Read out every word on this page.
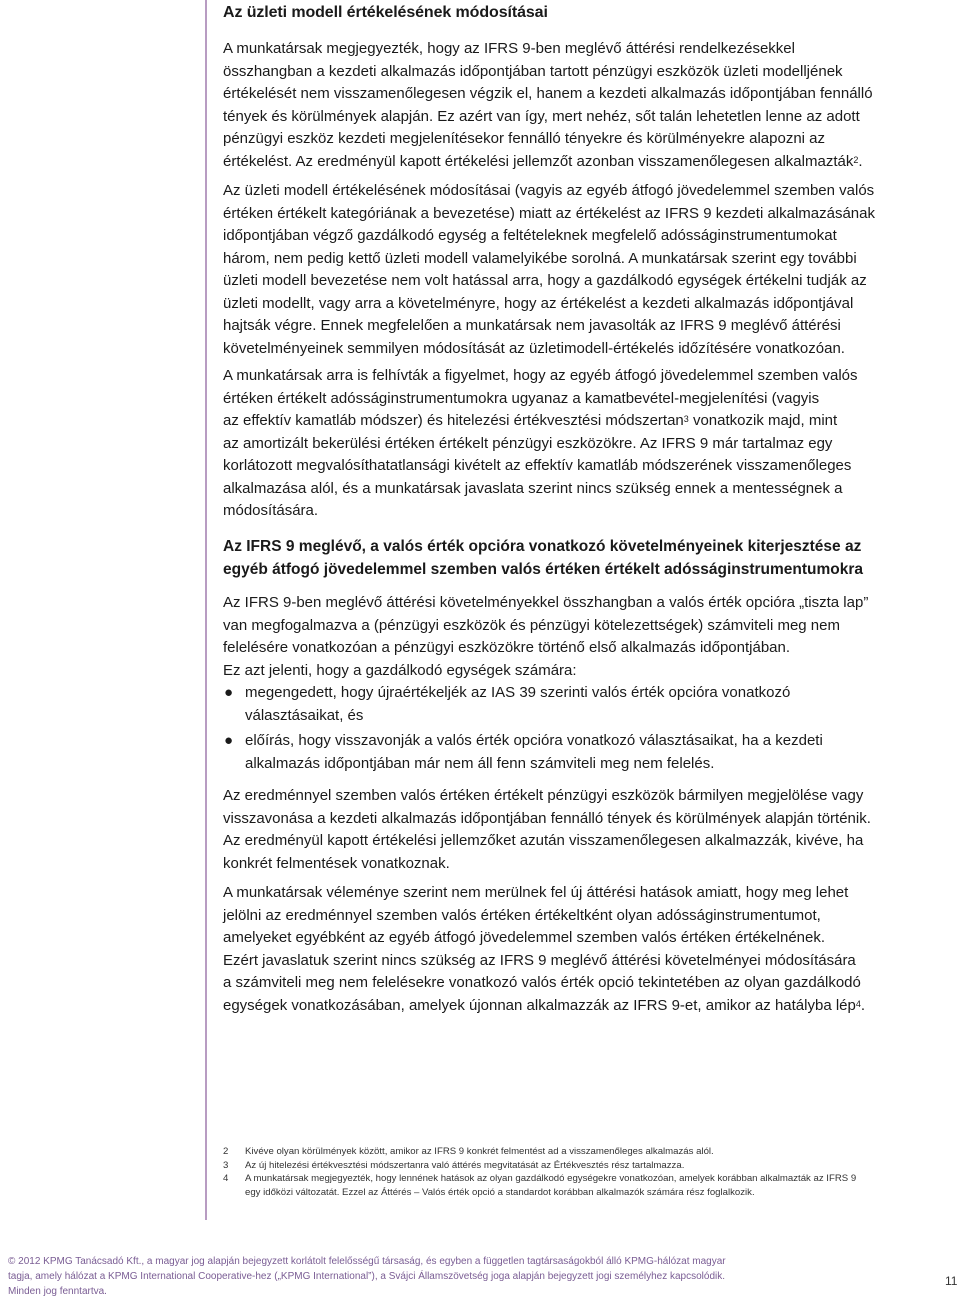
Az üzleti modell értékelésének módosításai
A munkatársak megjegyezték, hogy az IFRS 9-ben meglévő áttérési rendelkezésekkel
összhangban a kezdeti alkalmazás időpontjában tartott pénzügyi eszközök üzleti modelljének
értékelését nem visszamenőlegesen végzik el, hanem a kezdeti alkalmazás időpontjában fennálló
tények és körülmények alapján. Ez azért van így, mert nehéz, sőt talán lehetetlen lenne az adott
pénzügyi eszköz kezdeti megjelenítésekor fennálló tényekre és körülményekre alapozni az
értékelést. Az eredményül kapott értékelési jellemzőt azonban visszamenőlegesen alkalmazták$^2$.
Az üzleti modell értékelésének módosításai (vagyis az egyéb átfogó jövedelemmel szemben valós
értéken értékelt kategóriának a bevezetése) miatt az értékelést az IFRS 9 kezdeti alkalmazásának
időpontjában végző gazdálkodó egység a feltételeknek megfelelő adósságinstrumentumokat
három, nem pedig kettő üzleti modell valamelyikébe sorolná. A munkatársak szerint egy további
üzleti modell bevezetése nem volt hatással arra, hogy a gazdálkodó egységek értékelni tudják az
üzleti modellt, vagy arra a követelményre, hogy az értékelést a kezdeti alkalmazás időpontjával
hajtsák végre. Ennek megfelelően a munkatársak nem javasolták az IFRS 9 meglévő áttérési
követelményeinek semmilyen módosítását az üzletimodell-értékelés időzítésére vonatkozóan.
A munkatársak arra is felhívták a figyelmet, hogy az egyéb átfogó jövedelemmel szemben valós
értéken értékelt adósságinstrumentumokra ugyanaz a kamatbevétel-megjelenítési (vagyis
az effektív kamatláb módszer) és hitelezési értékvesztési módszertan$^3$ vonatkozik majd, mint
az amortizált bekerülési értéken értékelt pénzügyi eszközökre. Az IFRS 9 már tartalmaz egy
korlátozott megvalósíthatatlansági kivételt az effektív kamatláb módszerének visszamenőleges
alkalmazása alól, és a munkatársak javaslata szerint nincs szükség ennek a mentességnek a
módosítására.
Az IFRS 9 meglévő, a valós érték opcióra vonatkozó követelményeinek kiterjesztése az
egyéb átfogó jövedelemmel szemben valós értéken értékelt adósságinstrumentumokra
Az IFRS 9-ben meglévő áttérési követelményekkel összhangban a valós érték opcióra „tiszta lap”
van megfogalmazva a (pénzügyi eszközök és pénzügyi kötelezettségek) számviteli meg nem
felelésére vonatkozóan a pénzügyi eszközökre történő első alkalmazás időpontjában.
Ez azt jelenti, hogy a gazdálkodó egységek számára:
● megengedett, hogy újraértékeljék az IAS 39 szerinti valós érték opcióra vonatkozó
választásaikat, és
● előírás, hogy visszavonják a valós érték opcióra vonatkozó választásaikat, ha a kezdeti
alkalmazás időpontjában már nem áll fenn számviteli meg nem felelés.
Az eredménnyel szemben valós értéken értékelt pénzügyi eszközök bármilyen megjelölése vagy
visszavonása a kezdeti alkalmazás időpontjában fennálló tények és körülmények alapján történik.
Az eredményül kapott értékelési jellemzőket azután visszamenőlegesen alkalmazzák, kivéve, ha
konkrét felmentések vonatkoznak.
A munkatársak véleménye szerint nem merülnek fel új áttérési hatások amiatt, hogy meg lehet
jelölni az eredménnyel szemben valós értéken értékeltként olyan adósságinstrumentumot,
amelyeket egyébként az egyéb átfogó jövedelemmel szemben valós értéken értékelnének.
Ezért javaslatuk szerint nincs szükség az IFRS 9 meglévő áttérési követelményei módosítására
a számviteli meg nem felelésekre vonatkozó valós érték opció tekintetében az olyan gazdálkodó
egységek vonatkozásában, amelyek újonnan alkalmazzák az IFRS 9-et, amikor az hatályba lép$^4$.
2 Kivéve olyan körülmények között, amikor az IFRS 9 konkrét felmentést ad a visszamenőleges alkalmazás alól.
3 Az új hitelezési értékvesztési módszertanra való áttérés megvitatását az Értékvesztés rész tartalmazza.
4 A munkatársak megjegyezték, hogy lennének hatások az olyan gazdálkodó egységekre vonatkozóan, amelyek korábban alkalmazták az IFRS 9
egy időközi változatát. Ezzel az Áttérés – Valós érték opció a standardot korábban alkalmazók számára rész foglalkozik.
© 2012 KPMG Tanácsadó Kft., a magyar jog alapján bejegyzett korlátolt felelősségű társaság, és egyben a független tagtársaságokból álló KPMG-hálózat magyar
tagja, amely hálózat a KPMG International Cooperative-hez („KPMG International”), a Svájci Államszövetség joga alapján bejegyzett jogi személyhez kapcsolódik.
Minden jog fenntartva.
11
